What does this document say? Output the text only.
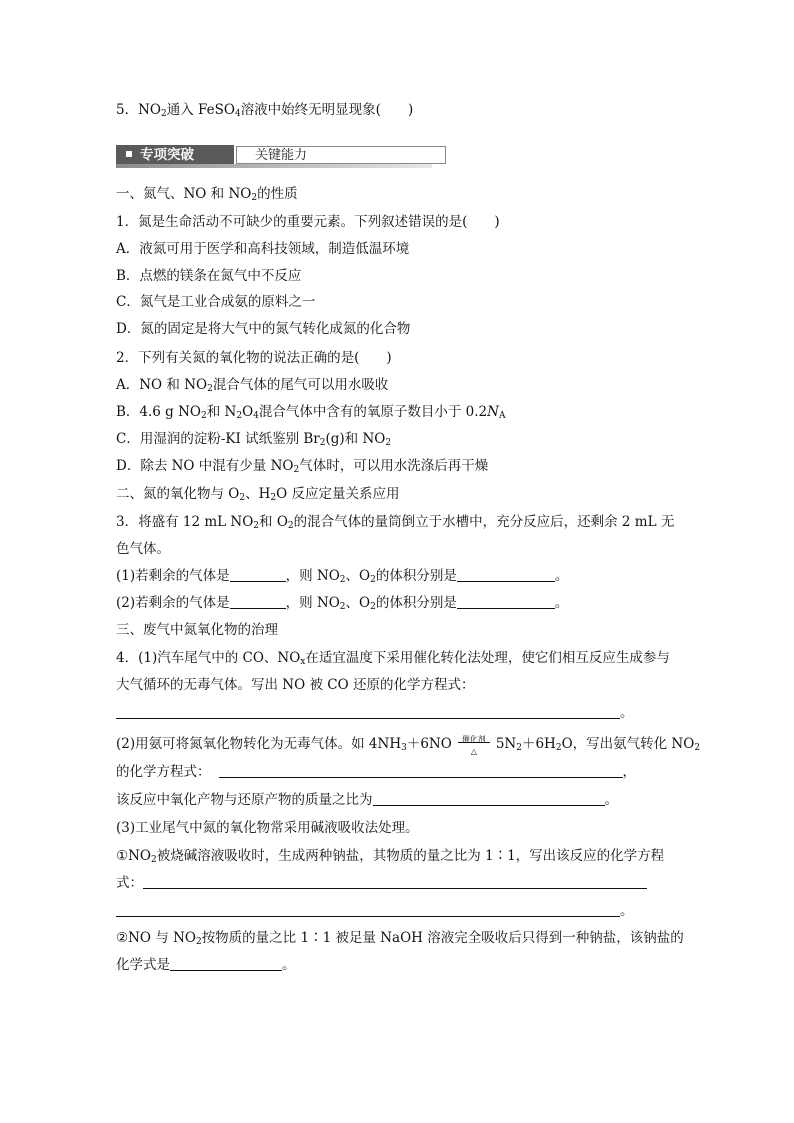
5．$NO_2$通入 FeSO$_4$溶液中始终无明显现象(　　)
专项突破	关键能力
一、氮气、NO 和 $NO_2$的性质
1．氮是生命活动不可缺少的重要元素。下列叙述错误的是(　　)
A．液氮可用于医学和高科技领域，制造低温环境
B．点燃的镁条在氮气中不反应
C．氮气是工业合成氨的原料之一
D．氮的固定是将大气中的氮气转化成氮的化合物
2．下列有关氮的氧化物的说法正确的是(　　)
A．NO 和 $NO_2$混合气体的尾气可以用水吸收
B．4.6 g $NO_2$和 $N_2O_4$混合气体中含有的氧原子数目小于 $0.2N_A$
C．用湿润的淀粉-KI 试纸鉴别 $Br_2(g)$和 $NO_2$
D．除去 NO 中混有少量 $NO_2$气体时，可以用水洗涤后再干燥
二、氮的氧化物与 $O_2$、$H_2O$ 反应定量关系应用
3．将盛有 12 mL $NO_2$和 $O_2$的混合气体的量筒倒立于水槽中，充分反应后，还剩余 2 mL 无
色气体。
(1)若剩余的气体是	，则 $NO_2$、$O_2$的体积分别是	。
(2)若剩余的气体是	，则 $NO_2$、$O_2$的体积分别是	。
三、废气中氮氧化物的治理
4．(1)汽车尾气中的 CO、$NO_x$在适宜温度下采用催化转化法处理，使它们相互反应生成参与
大气循环的无毒气体。写出 NO 被 CO 还原的化学方程式：
。
(2)用氨可将氮氧化物转化为无毒气体。如 $4NH_3+6NO$	催化剂
△	$5N_2+6H_2O$，写出氨气转化 $NO_2$
的化学方程式：	，
该反应中氧化产物与还原产物的质量之比为	。
(3)工业尾气中氮的氧化物常采用碱液吸收法处理。
$①NO_2$被烧碱溶液吸收时，生成两种钠盐，其物质的量之比为 1∶1，写出该反应的化学方程
式：
。
②NO 与 $NO_2$按物质的量之比 1∶1 被足量 NaOH 溶液完全吸收后只得到一种钠盐，该钠盐的
化学式是	。
